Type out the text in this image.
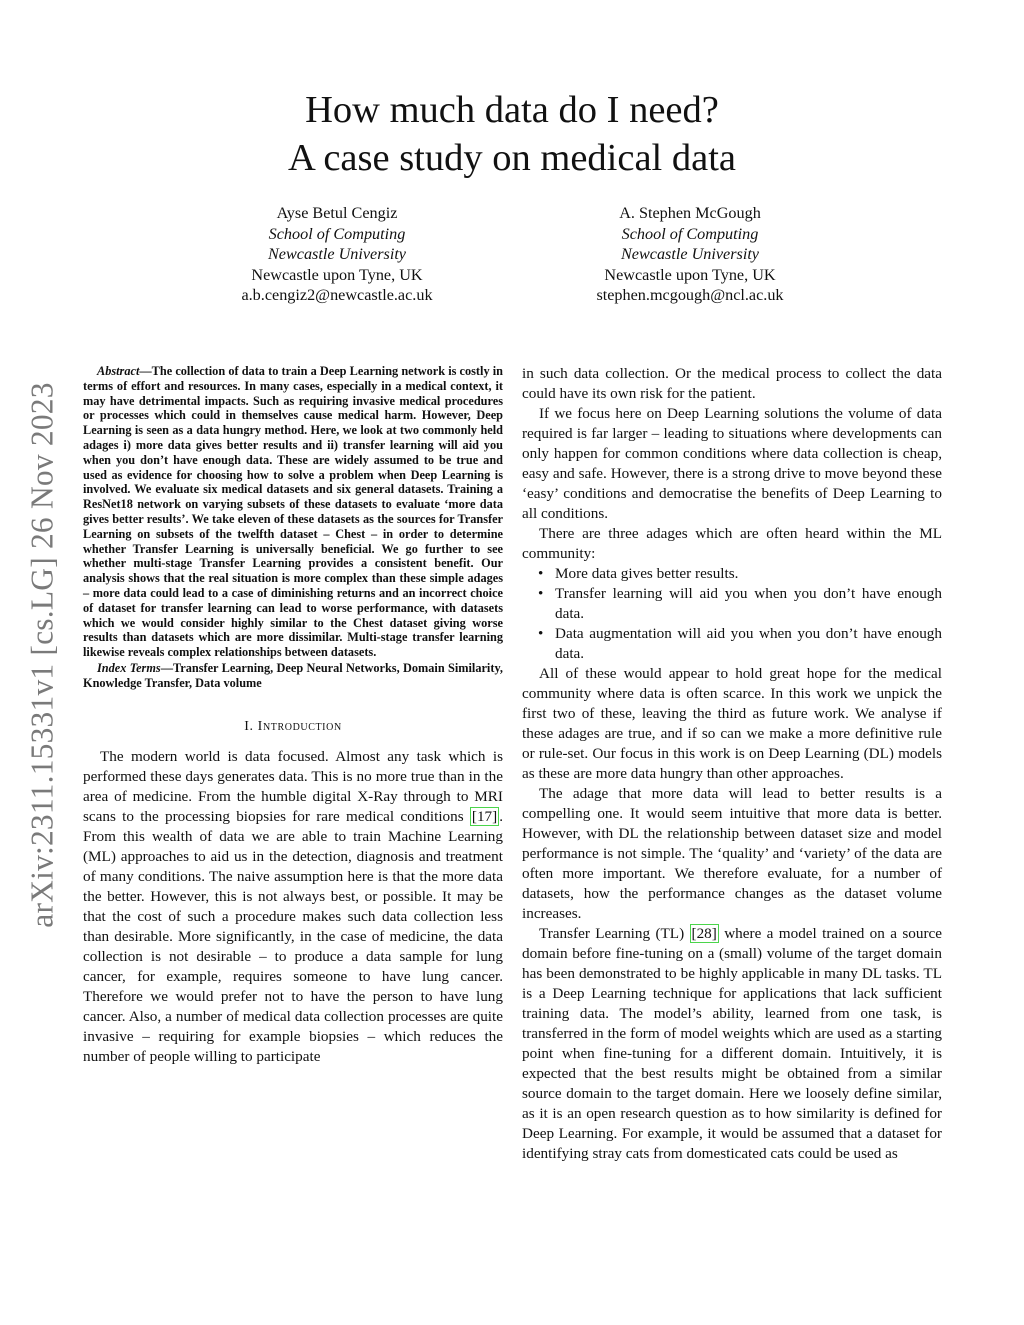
arXiv:2311.15331v1 [cs.LG] 26 Nov 2023
How much data do I need?
A case study on medical data
Ayse Betul Cengiz
School of Computing
Newcastle University
Newcastle upon Tyne, UK
a.b.cengiz2@newcastle.ac.uk
A. Stephen McGough
School of Computing
Newcastle University
Newcastle upon Tyne, UK
stephen.mcgough@ncl.ac.uk

Abstract—The collection of data to train a Deep Learning network is costly in terms of effort and resources. In many cases, especially in a medical context, it may have detrimental impacts. Such as requiring invasive medical procedures or processes which could in themselves cause medical harm. However, Deep Learning is seen as a data hungry method. Here, we look at two commonly held adages i) more data gives better results and ii) transfer learning will aid you when you don’t have enough data. These are widely assumed to be true and used as evidence for choosing how to solve a problem when Deep Learning is involved. We evaluate six medical datasets and six general datasets. Training a ResNet18 network on varying subsets of these datasets to evaluate ‘more data gives better results’. We take eleven of these datasets as the sources for Transfer Learning on subsets of the twelfth dataset – Chest – in order to determine whether Transfer Learning is universally beneficial. We go further to see whether multi-stage Transfer Learning provides a consistent benefit. Our analysis shows that the real situation is more complex than these simple adages – more data could lead to a case of diminishing returns and an incorrect choice of dataset for transfer learning can lead to worse performance, with datasets which we would consider highly similar to the Chest dataset giving worse results than datasets which are more dissimilar. Multi-stage transfer learning likewise reveals complex relationships between datasets.

Index Terms—Transfer Learning, Deep Neural Networks, Domain Similarity, Knowledge Transfer, Data volume

I. Introduction

The modern world is data focused. Almost any task which is performed these days generates data. This is no more true than in the area of medicine. From the humble digital X-Ray through to MRI scans to the processing biopsies for rare medical conditions [17] . From this wealth of data we are able to train Machine Learning (ML) approaches to aid us in the detection, diagnosis and treatment of many conditions. The naive assumption here is that the more data the better. However, this is not always best, or possible. It may be that the cost of such a procedure makes such data collection less than desirable. More significantly, in the case of medicine, the data collection is not desirable – to produce a data sample for lung cancer, for example, requires someone to have lung cancer. Therefore we would prefer not to have the person to have lung cancer. Also, a number of medical data collection processes are quite invasive – requiring for example biopsies – which reduces the number of people willing to participate

in such data collection. Or the medical process to collect the data could have its own risk for the patient.

If we focus here on Deep Learning solutions the volume of data required is far larger – leading to situations where developments can only happen for common conditions where data collection is cheap, easy and safe. However, there is a strong drive to move beyond these ‘easy’ conditions and democratise the benefits of Deep Learning to all conditions.

There are three adages which are often heard within the ML community:

• More data gives better results.
• Transfer learning will aid you when you don’t have enough data.
• Data augmentation will aid you when you don’t have enough data.

All of these would appear to hold great hope for the medical community where data is often scarce. In this work we unpick the first two of these, leaving the third as future work. We analyse if these adages are true, and if so can we make a more definitive rule or rule-set. Our focus in this work is on Deep Learning (DL) models as these are more data hungry than other approaches.

The adage that more data will lead to better results is a compelling one. It would seem intuitive that more data is better. However, with DL the relationship between dataset size and model performance is not simple. The ‘quality’ and ‘variety’ of the data are often more important. We therefore evaluate, for a number of datasets, how the performance changes as the dataset volume increases.

Transfer Learning (TL) [28] where a model trained on a source domain before fine-tuning on a (small) volume of the target domain has been demonstrated to be highly applicable in many DL tasks. TL is a Deep Learning technique for applications that lack sufficient training data. The model’s ability, learned from one task, is transferred in the form of model weights which are used as a starting point when fine-tuning for a different domain. Intuitively, it is expected that the best results might be obtained from a similar source domain to the target domain. Here we loosely define similar, as it is an open research question as to how similarity is defined for Deep Learning. For example, it would be assumed that a dataset for identifying stray cats from domesticated cats could be used as
